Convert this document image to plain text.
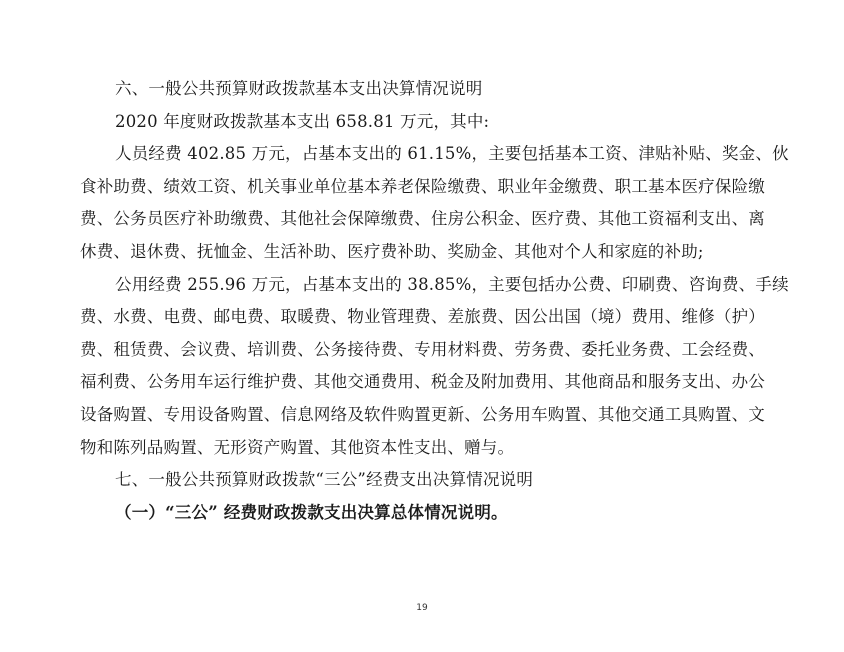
六、一般公共预算财政拨款基本支出决算情况说明
2020 年度财政拨款基本支出 658.81 万元，其中:
人员经费 402.85 万元，占基本支出的 61.15%，主要包括基本工资、津贴补贴、奖金、伙
食补助费、绩效工资、机关事业单位基本养老保险缴费、职业年金缴费、职工基本医疗保险缴
费、公务员医疗补助缴费、其他社会保障缴费、住房公积金、医疗费、其他工资福利支出、离
休费、退休费、抚恤金、生活补助、医疗费补助、奖励金、其他对个人和家庭的补助;
公用经费 255.96 万元，占基本支出的 38.85%，主要包括办公费、印刷费、咨询费、手续
费、水费、电费、邮电费、取暖费、物业管理费、差旅费、因公出国（境）费用、维修（护）
费、租赁费、会议费、培训费、公务接待费、专用材料费、劳务费、委托业务费、工会经费、
福利费、公务用车运行维护费、其他交通费用、税金及附加费用、其他商品和服务支出、办公
设备购置、专用设备购置、信息网络及软件购置更新、公务用车购置、其他交通工具购置、文
物和陈列品购置、无形资产购置、其他资本性支出、赠与。
七、一般公共预算财政拨款“三公”经费支出决算情况说明
（一）“三公” 经费财政拨款支出决算总体情况说明。
19
